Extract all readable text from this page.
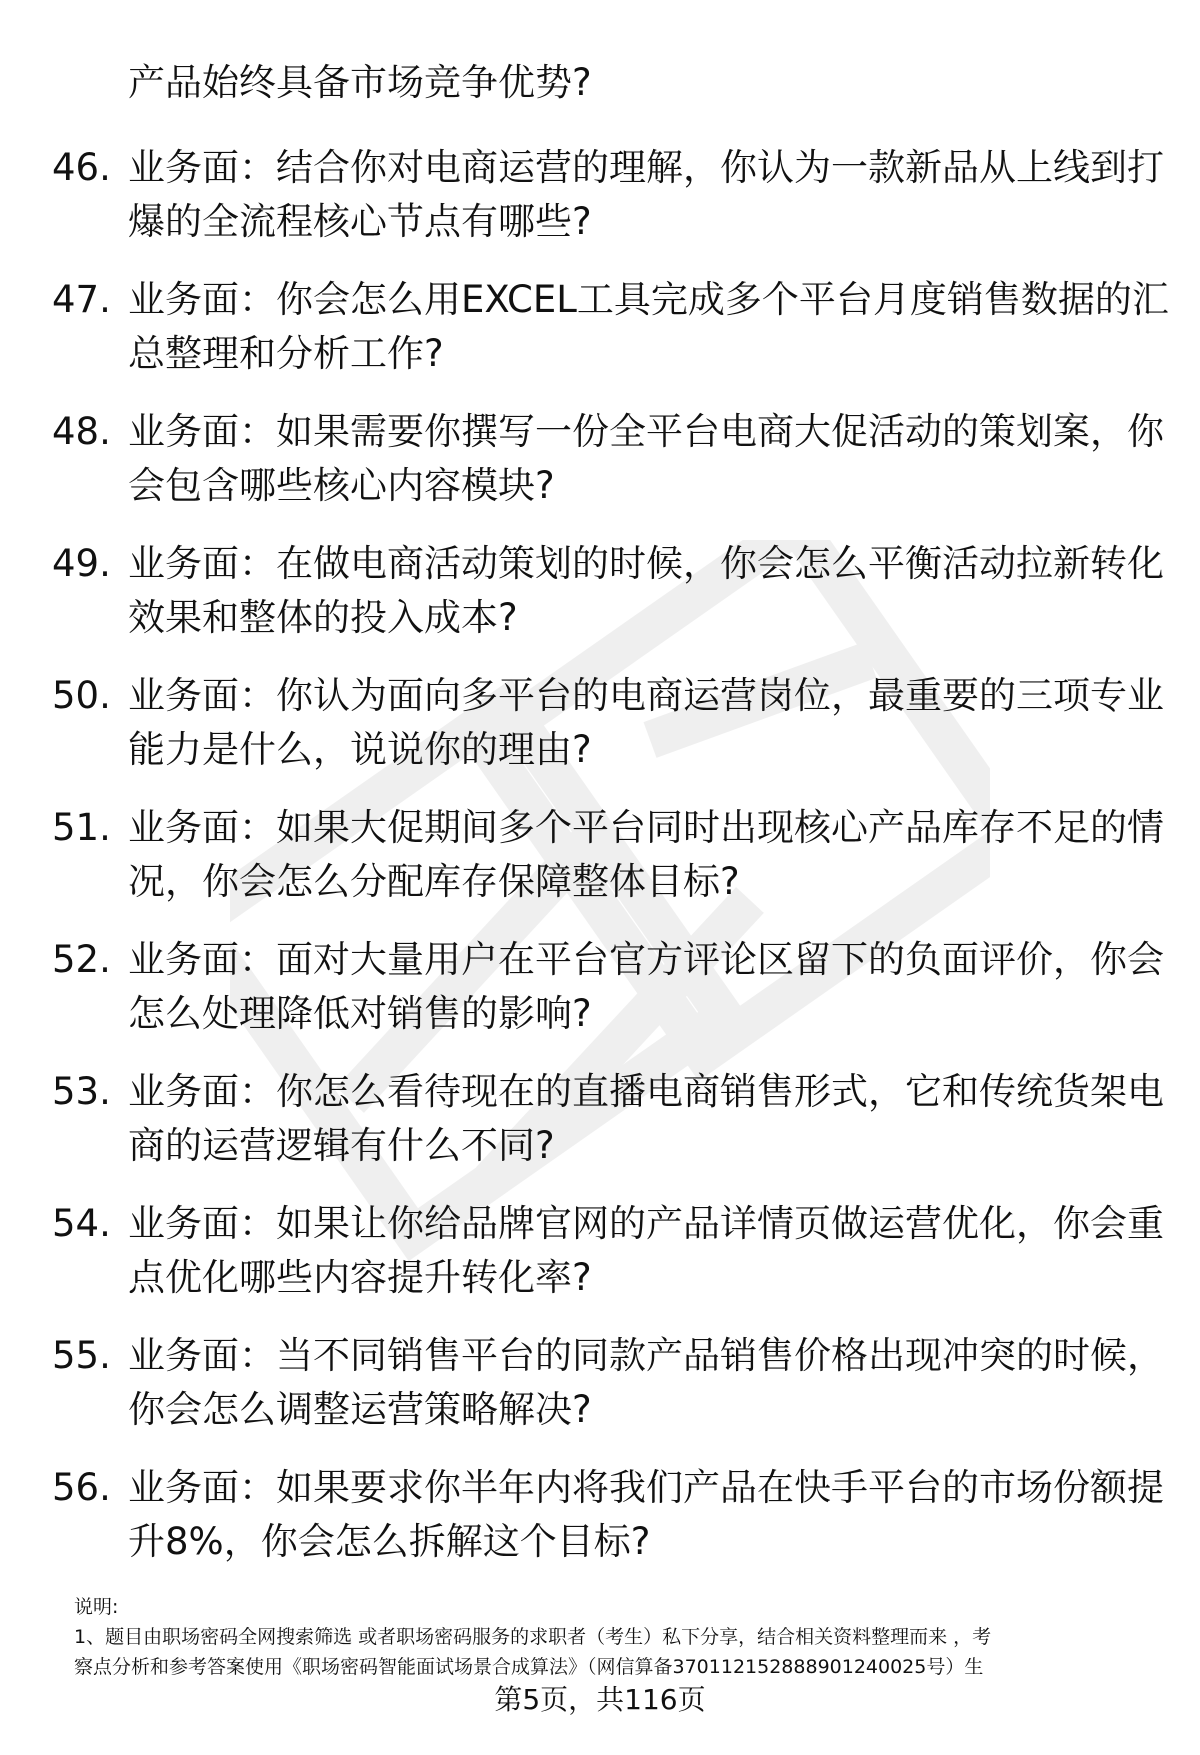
产品始终具备市场竞争优势?
46. 业务面：结合你对电商运营的理解，你认为一款新品从上线到打
爆的全流程核心节点有哪些?
47. 业务面：你会怎么用EXCEL工具完成多个平台月度销售数据的汇
总整理和分析工作?
48. 业务面：如果需要你撰写一份全平台电商大促活动的策划案，你
会包含哪些核心内容模块?
49. 业务面：在做电商活动策划的时候，你会怎么平衡活动拉新转化
效果和整体的投入成本?
50. 业务面：你认为面向多平台的电商运营岗位，最重要的三项专业
能力是什么，说说你的理由?
51. 业务面：如果大促期间多个平台同时出现核心产品库存不足的情
况，你会怎么分配库存保障整体目标?
52. 业务面：面对大量用户在平台官方评论区留下的负面评价，你会
怎么处理降低对销售的影响?
53. 业务面：你怎么看待现在的直播电商销售形式，它和传统货架电
商的运营逻辑有什么不同?
54. 业务面：如果让你给品牌官网的产品详情页做运营优化，你会重
点优化哪些内容提升转化率?
55. 业务面：当不同销售平台的同款产品销售价格出现冲突的时候，
你会怎么调整运营策略解决?
56. 业务面：如果要求你半年内将我们产品在快手平台的市场份额提
升8%，你会怎么拆解这个目标?
说明:
1、题目由职场密码全网搜索筛选 或者职场密码服务的求职者（考生）私下分享，结合相关资料整理而来 ，考
察点分析和参考答案使用《职场密码智能面试场景合成算法》（网信算备37011215288890124002​5号）生
第5页，共116页
